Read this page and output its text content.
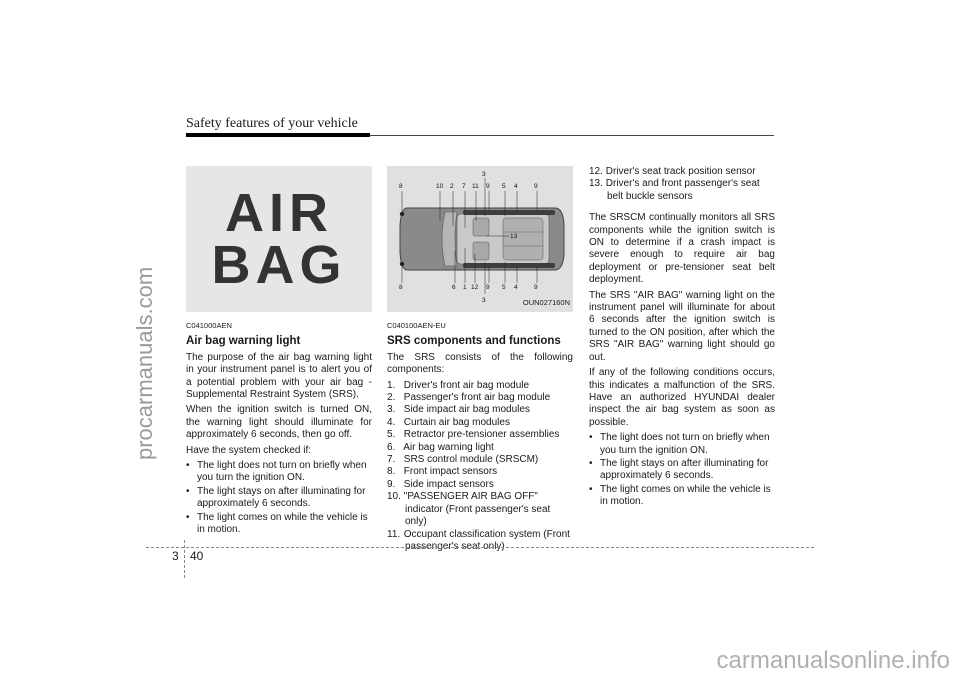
procarmanuals.com
carmanualsonline.info
Safety features of your vehicle
AIR
BAG
C041000AEN
Air bag warning light

The purpose of the air bag warning light in your instrument panel is to alert you of a potential problem with your air bag - Supplemental Restraint System (SRS).

When the ignition switch is turned ON, the warning light should illuminate for approximately 6 seconds, then go off.

Have the system checked if:

• The light does not turn on briefly when you turn the ignition ON.
• The light stays on after illuminating for approximately 6 seconds.
• The light comes on while the vehicle is in motion.
8	10 2 7 11 9 5 4	9
3
8	6 1 12 9 5 4	9
3
13
OUN027160N
C040100AEN-EU
SRS components and functions

The SRS consists of the following components:

1. Driver's front air bag module
2. Passenger's front air bag module
3. Side impact air bag modules
4. Curtain air bag modules
5. Retractor pre-tensioner assemblies
6. Air bag warning light
7. SRS control module (SRSCM)
8. Front impact sensors
9. Side impact sensors
10. "PASSENGER AIR BAG OFF" indicator (Front passenger's seat only)
11. Occupant classification system (Front passenger's seat only)
12. Driver's seat track position sensor
13. Driver's and front passenger's seat belt buckle sensors

The SRSCM continually monitors all SRS components while the ignition switch is ON to determine if a crash impact is severe enough to require air bag deployment or pre-tensioner seat belt deployment.

The SRS "AIR BAG" warning light on the instrument panel will illuminate for about 6 seconds after the ignition switch is turned to the ON position, after which the SRS "AIR BAG" warning light should go out.

If any of the following conditions occurs, this indicates a malfunction of the SRS. Have an authorized HYUNDAI dealer inspect the air bag system as soon as possible.

• The light does not turn on briefly when you turn the ignition ON.
• The light stays on after illuminating for approximately 6 seconds.
• The light comes on while the vehicle is in motion.
3 40
